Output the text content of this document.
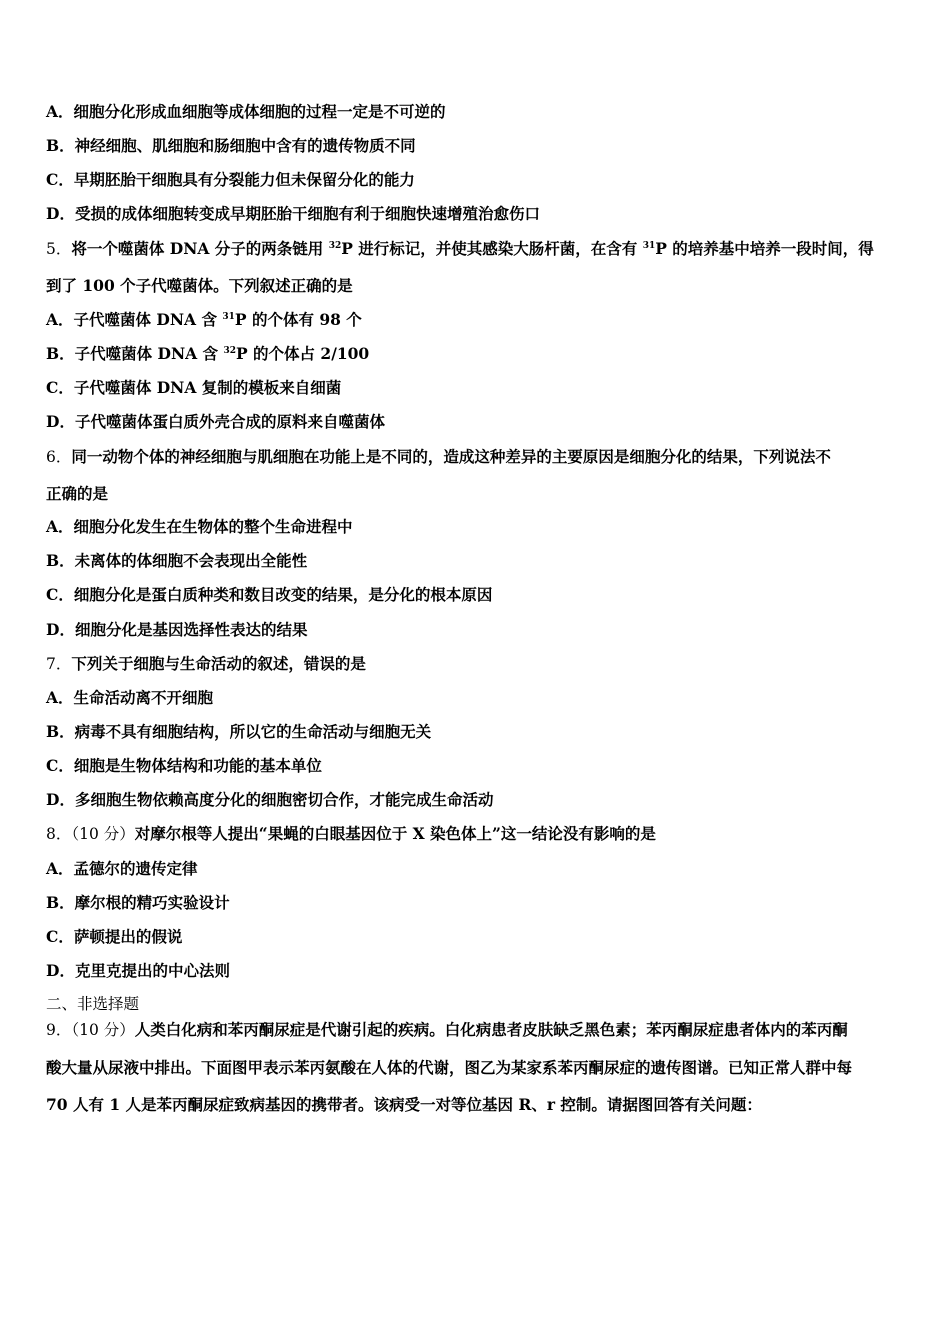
A．细胞分化形成血细胞等成体细胞的过程一定是不可逆的
B．神经细胞、肌细胞和肠细胞中含有的遗传物质不同
C．早期胚胎干细胞具有分裂能力但未保留分化的能力
D．受损的成体细胞转变成早期胚胎干细胞有利于细胞快速增殖治愈伤口
5．将一个噬菌体 DNA 分子的两条链用 $^{32}$P 进行标记，并使其感染大肠杆菌，在含有 $^{31}$P 的培养基中培养一段时间，得
到了 100 个子代噬菌体。下列叙述正确的是
A．子代噬菌体 DNA 含 $^{31}$P 的个体有 98 个
B．子代噬菌体 DNA 含 $^{32}$P 的个体占 2/100
C．子代噬菌体 DNA 复制的模板来自细菌
D．子代噬菌体蛋白质外壳合成的原料来自噬菌体
6．同一动物个体的神经细胞与肌细胞在功能上是不同的，造成这种差异的主要原因是细胞分化的结果，下列说法不
正确的是
A．细胞分化发生在生物体的整个生命进程中
B．未离体的体细胞不会表现出全能性
C．细胞分化是蛋白质种类和数目改变的结果，是分化的根本原因
D．细胞分化是基因选择性表达的结果
7．下列关于细胞与生命活动的叙述，错误的是
A．生命活动离不开细胞
B．病毒不具有细胞结构，所以它的生命活动与细胞无关
C．细胞是生物体结构和功能的基本单位
D．多细胞生物依赖高度分化的细胞密切合作，才能完成生命活动
8．（10 分）对摩尔根等人提出“果蝇的白眼基因位于 X 染色体上”这一结论没有影响的是
A．孟德尔的遗传定律
B．摩尔根的精巧实验设计
C．萨顿提出的假说
D．克里克提出的中心法则
二、非选择题
9．（10 分）人类白化病和苯丙酮尿症是代谢引起的疾病。白化病患者皮肤缺乏黑色素；苯丙酮尿症患者体内的苯丙酮
酸大量从尿液中排出。下面图甲表示苯丙氨酸在人体的代谢，图乙为某家系苯丙酮尿症的遗传图谱。已知正常人群中每
70 人有 1 人是苯丙酮尿症致病基因的携带者。该病受一对等位基因 R、r 控制。请据图回答有关问题：
